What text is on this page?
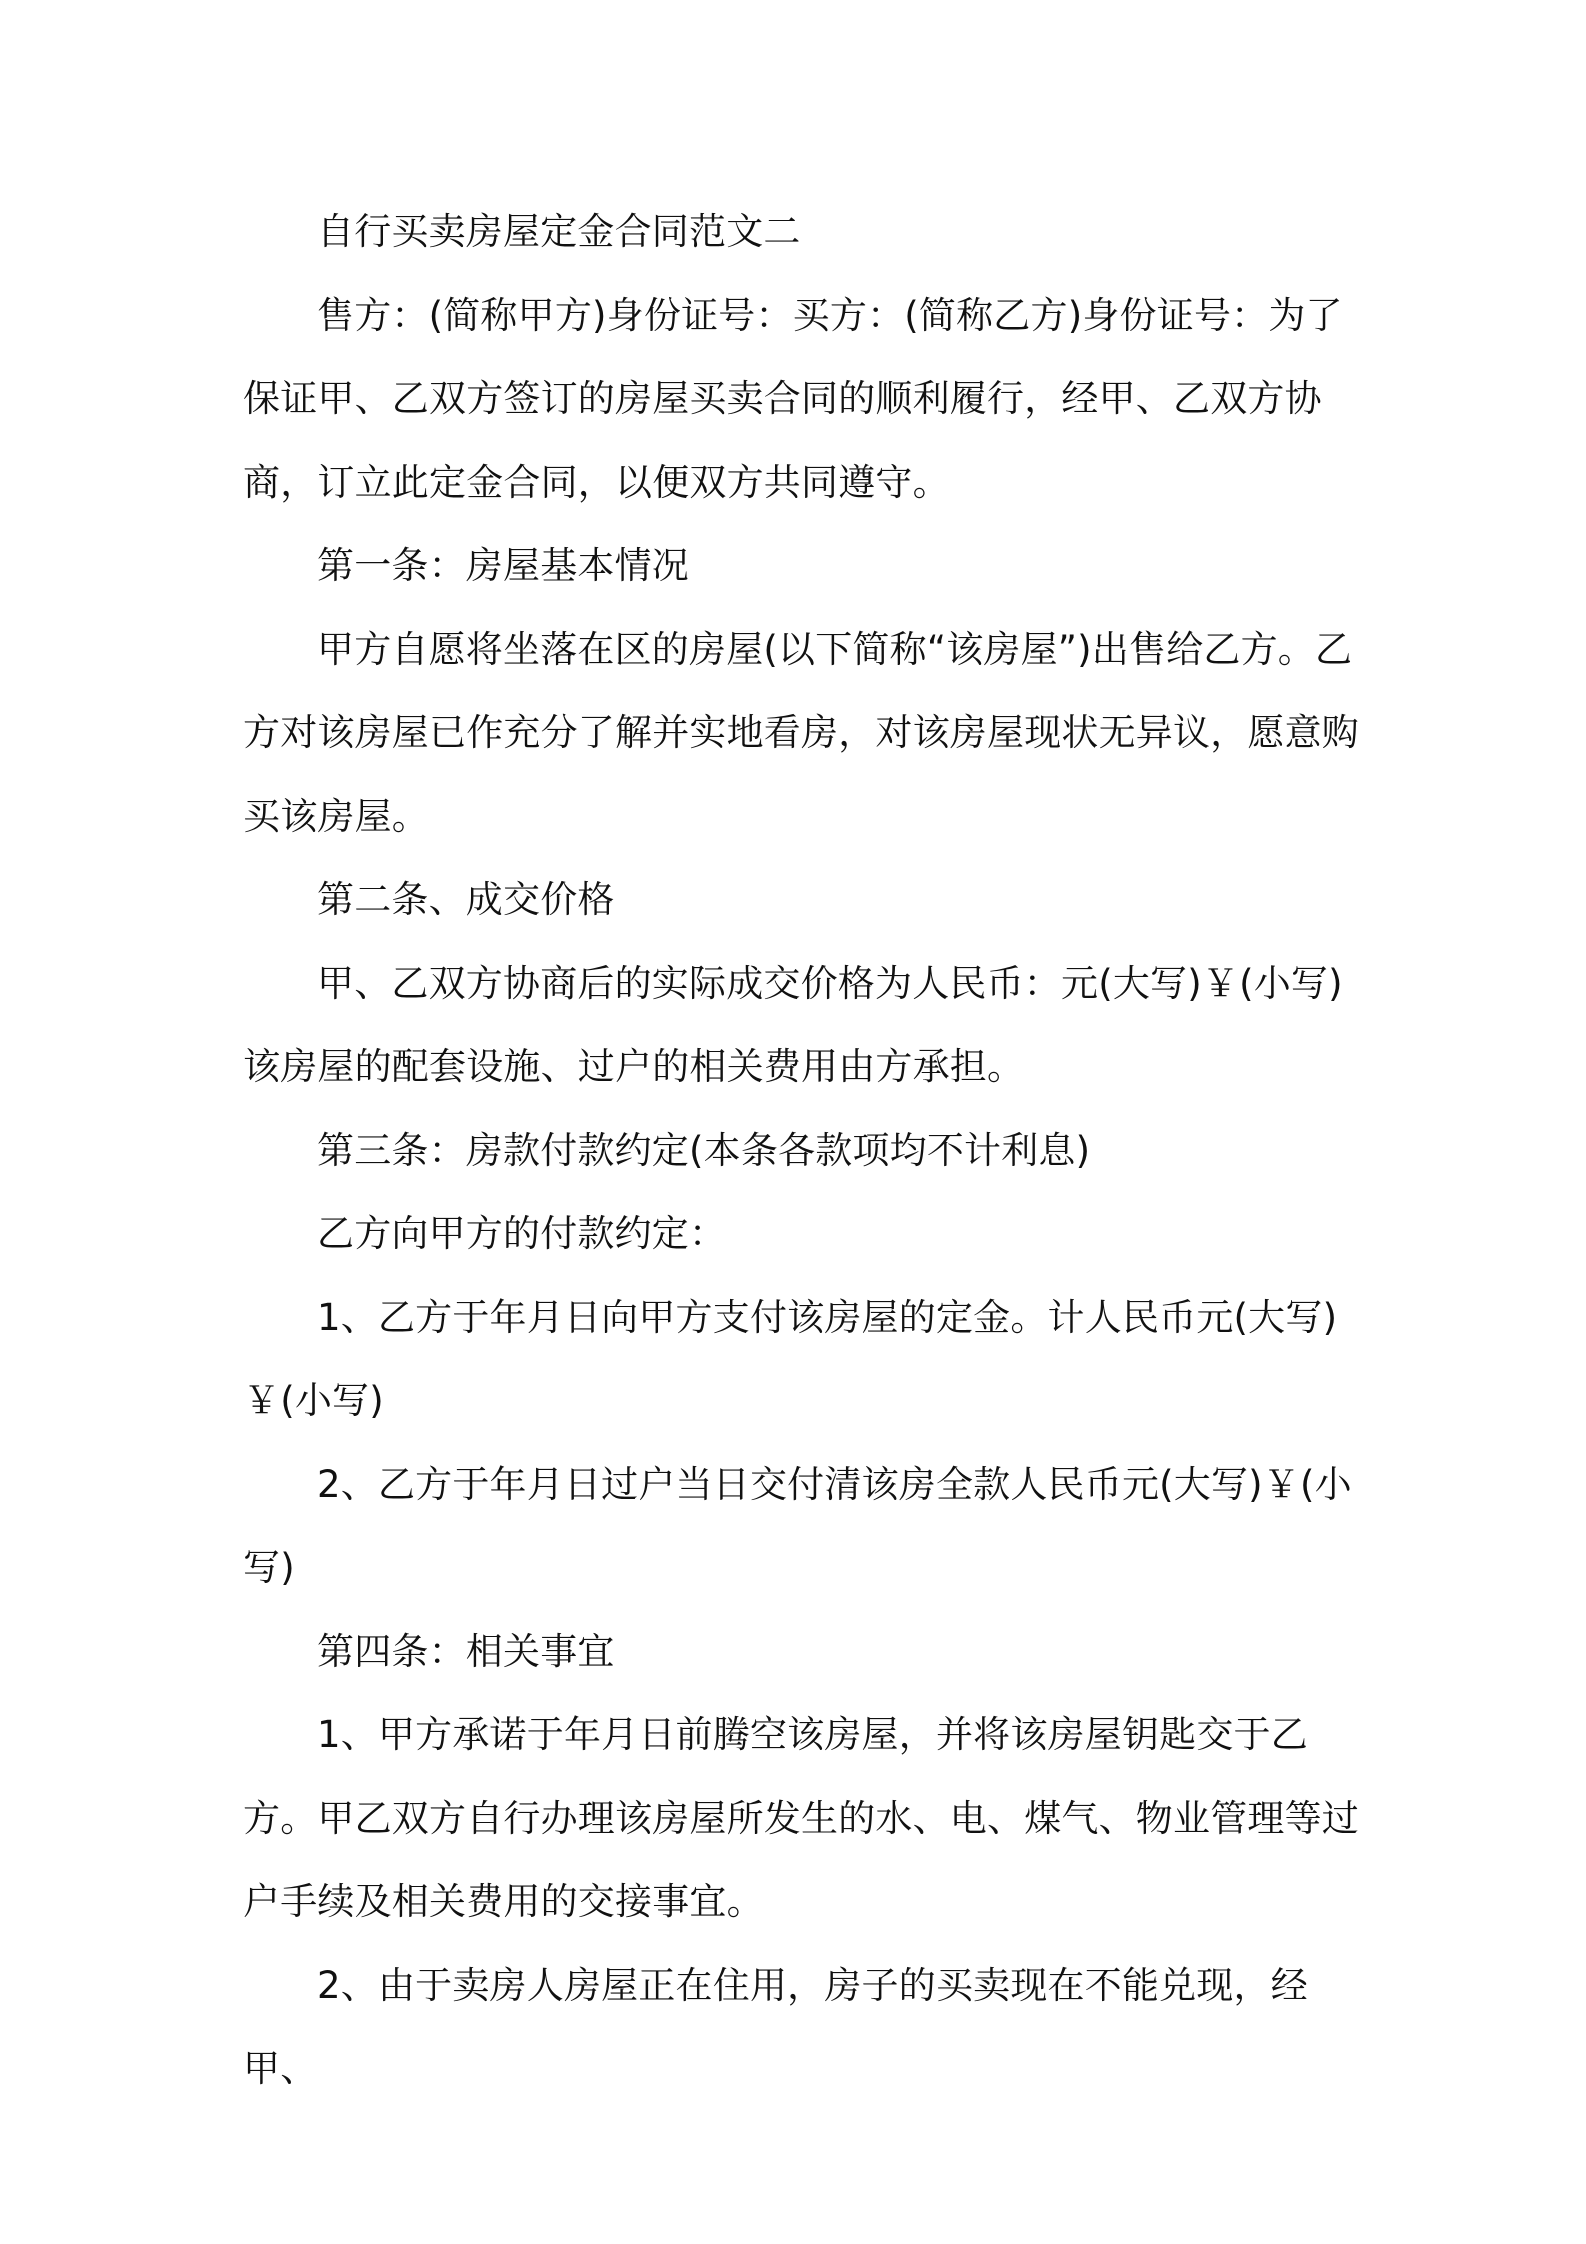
自行买卖房屋定金合同范文二

售方：(简称甲方)身份证号：买方：(简称乙方)身份证号：为了保证甲、乙双方签订的房屋买卖合同的顺利履行，经甲、乙双方协商，订立此定金合同，以便双方共同遵守。

第一条：房屋基本情况

甲方自愿将坐落在区的房屋(以下简称“该房屋”)出售给乙方。乙方对该房屋已作充分了解并实地看房，对该房屋现状无异议，愿意购买该房屋。

第二条、成交价格

甲、乙双方协商后的实际成交价格为人民币：元(大写)￥(小写)该房屋的配套设施、过户的相关费用由方承担。

第三条：房款付款约定(本条各款项均不计利息)

乙方向甲方的付款约定：

1、乙方于年月日向甲方支付该房屋的定金。计人民币元(大写)￥(小写)

2、乙方于年月日过户当日交付清该房全款人民币元(大写)￥(小写)

第四条：相关事宜

1、甲方承诺于年月日前腾空该房屋，并将该房屋钥匙交于乙方。甲乙双方自行办理该房屋所发生的水、电、煤气、物业管理等过户手续及相关费用的交接事宜。

2、由于卖房人房屋正在住用，房子的买卖现在不能兑现，经甲、
